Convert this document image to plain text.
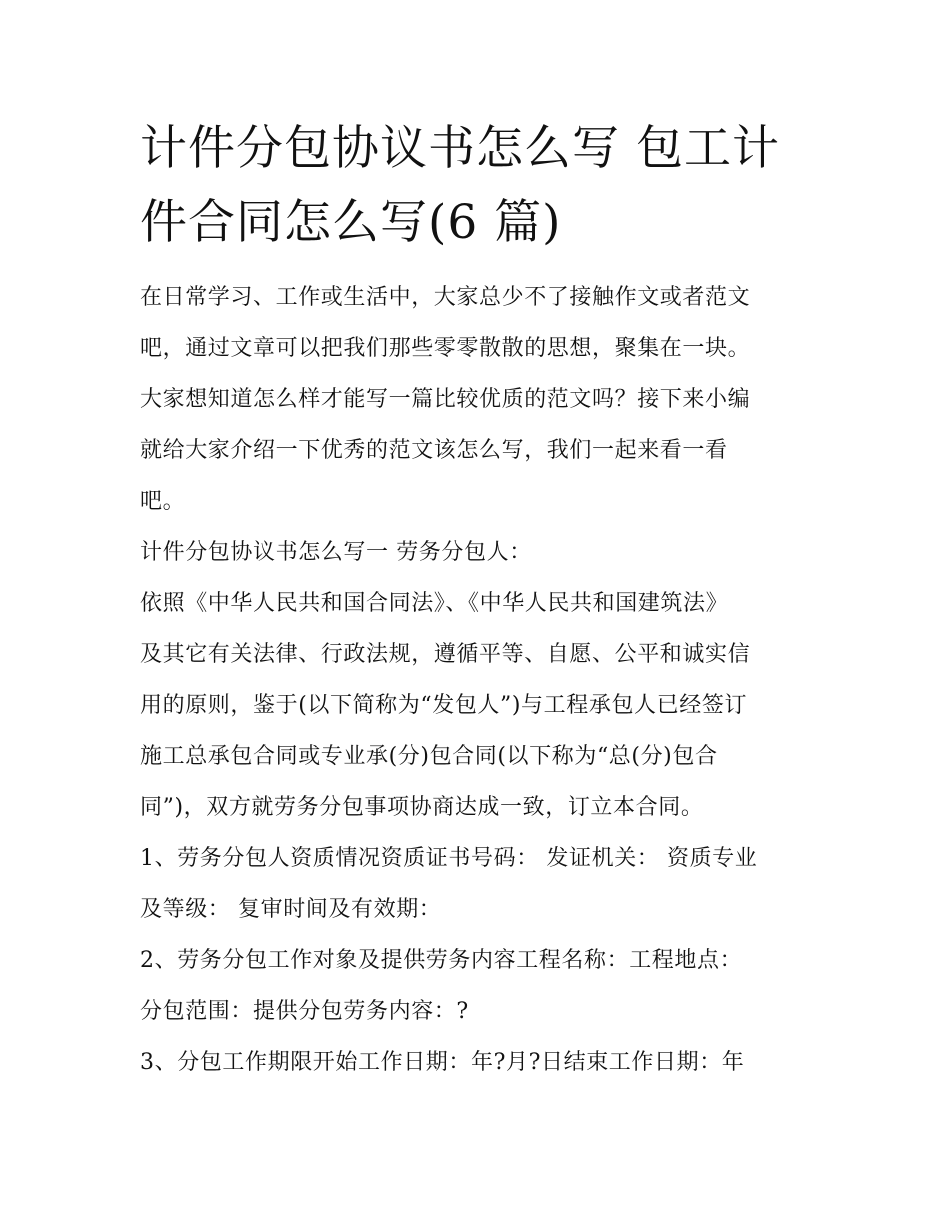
计件分包协议书怎么写 包工计
件合同怎么写(6 篇)

在日常学习、工作或生活中，大家总少不了接触作文或者范文
吧，通过文章可以把我们那些零零散散的思想，聚集在一块。
大家想知道怎么样才能写一篇比较优质的范文吗？接下来小编
就给大家介绍一下优秀的范文该怎么写，我们一起来看一看
吧。

计件分包协议书怎么写一 劳务分包人：

依照《中华人民共和国合同法》、《中华人民共和国建筑法》
及其它有关法律、行政法规，遵循平等、自愿、公平和诚实信
用的原则，鉴于(以下简称为“发包人”)与工程承包人已经签订
施工总承包合同或专业承(分)包合同(以下称为“总(分)包合
同”)，双方就劳务分包事项协商达成一致，订立本合同。

1、劳务分包人资质情况资质证书号码： 发证机关： 资质专业
及等级： 复审时间及有效期：

2、劳务分包工作对象及提供劳务内容工程名称：工程地点：
分包范围：提供分包劳务内容：?

3、分包工作期限开始工作日期：年?月?日结束工作日期：年
